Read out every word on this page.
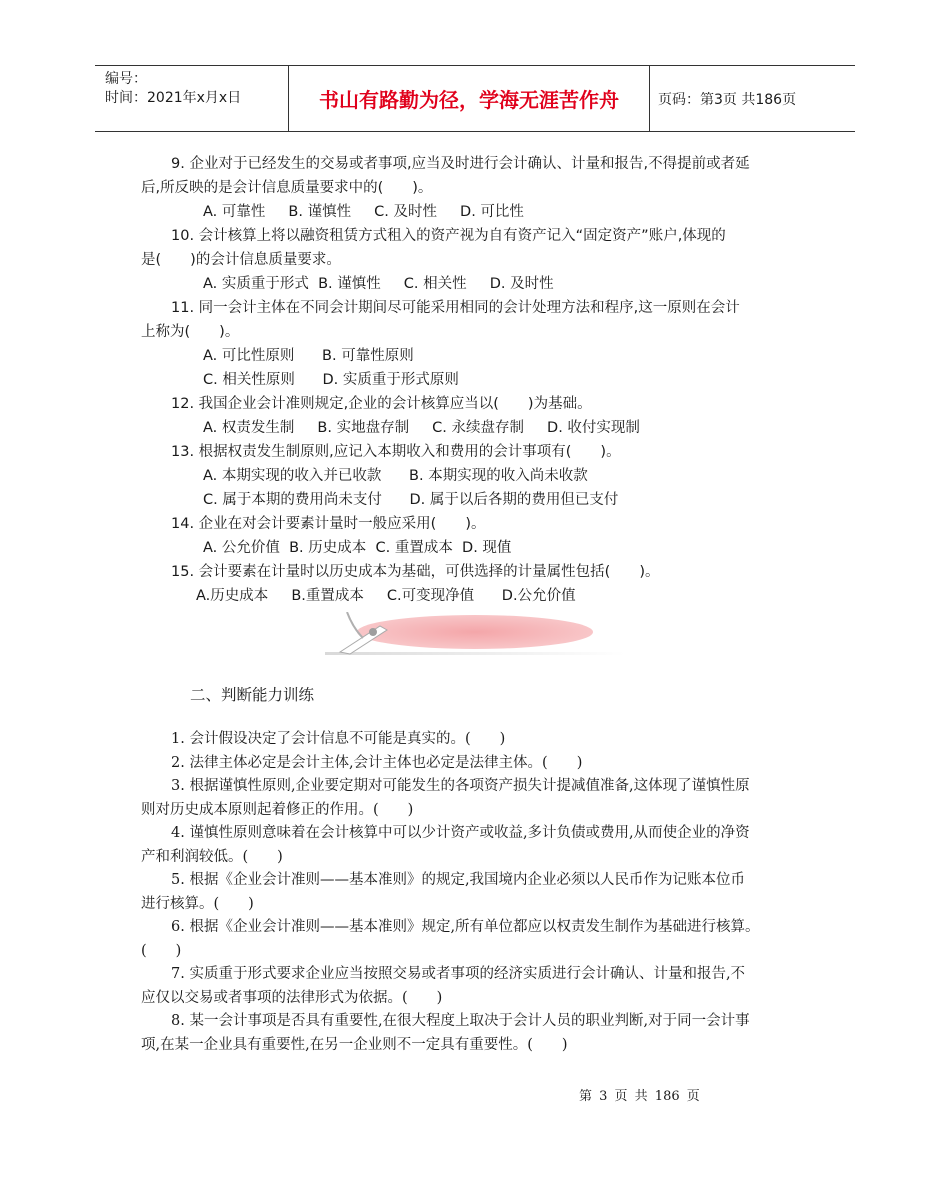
编号：
时间：2021年x月x日	书山有路勤为径，学海无涯苦作舟	页码：第3页 共186页

9. 企业对于已经发生的交易或者事项,应当及时进行会计确认、计量和报告,不得提前或者延

后,所反映的是会计信息质量要求中的(　　)。

A. 可靠性     B. 谨慎性     C. 及时性     D. 可比性

10. 会计核算上将以融资租赁方式租入的资产视为自有资产记入“固定资产”账户,体现的

是(　　)的会计信息质量要求。

A. 实质重于形式  B. 谨慎性     C. 相关性     D. 及时性

11. 同一会计主体在不同会计期间尽可能采用相同的会计处理方法和程序,这一原则在会计

上称为(　　)。

A. 可比性原则      B. 可靠性原则

C. 相关性原则      D. 实质重于形式原则

12. 我国企业会计准则规定,企业的会计核算应当以(　　)为基础。

A. 权责发生制     B. 实地盘存制     C. 永续盘存制     D. 收付实现制

13. 根据权责发生制原则,应记入本期收入和费用的会计事项有(　　)。

A. 本期实现的收入并已收款      B. 本期实现的收入尚未收款

C. 属于本期的费用尚未支付      D. 属于以后各期的费用但已支付

14. 企业在对会计要素计量时一般应采用(　　)。

A. 公允价值  B. 历史成本  C. 重置成本  D. 现值

15. 会计要素在计量时以历史成本为基础，可供选择的计量属性包括(　　)。

A.历史成本     B.重置成本     C.可变现净值      D.公允价值

二、判断能力训练

1. 会计假设决定了会计信息不可能是真实的。(　　)

2. 法律主体必定是会计主体,会计主体也必定是法律主体。(　　)

3. 根据谨慎性原则,企业要定期对可能发生的各项资产损失计提减值准备,这体现了谨慎性原

则对历史成本原则起着修正的作用。(　　)

4. 谨慎性原则意味着在会计核算中可以少计资产或收益,多计负债或费用,从而使企业的净资

产和利润较低。(　　)

5. 根据《企业会计准则——基本准则》的规定,我国境内企业必须以人民币作为记账本位币

进行核算。(　　)

6. 根据《企业会计准则——基本准则》规定,所有单位都应以权责发生制作为基础进行核算。

(　　)

7. 实质重于形式要求企业应当按照交易或者事项的经济实质进行会计确认、计量和报告,不

应仅以交易或者事项的法律形式为依据。(　　)

8. 某一会计事项是否具有重要性,在很大程度上取决于会计人员的职业判断,对于同一会计事

项,在某一企业具有重要性,在另一企业则不一定具有重要性。(　　)

第 3 页 共 186 页
